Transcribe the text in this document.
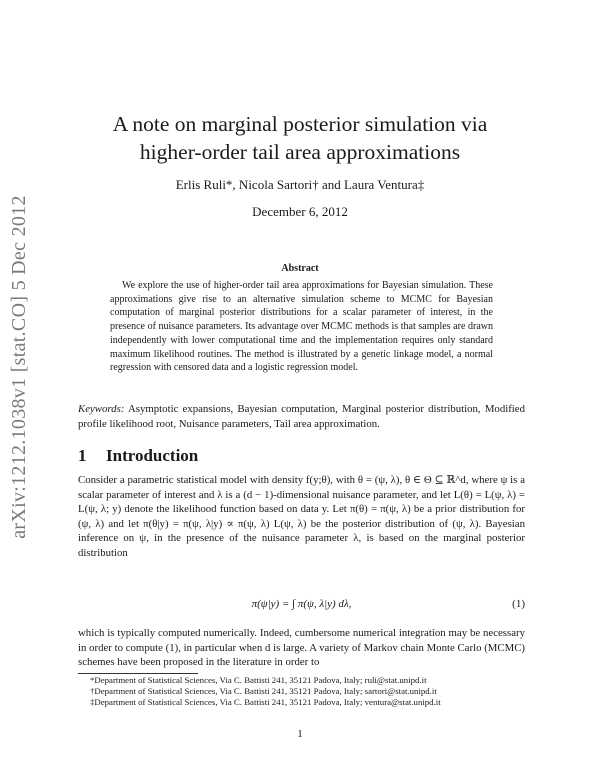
arXiv:1212.1038v1 [stat.CO] 5 Dec 2012
A note on marginal posterior simulation via
higher-order tail area approximations
Erlis Ruli*, Nicola Sartori† and Laura Ventura‡
December 6, 2012
Abstract

We explore the use of higher-order tail area approximations for Bayesian simulation. These approximations give rise to an alternative simulation scheme to MCMC for Bayesian computation of marginal posterior distributions for a scalar parameter of interest, in the presence of nuisance parameters. Its advantage over MCMC methods is that samples are drawn independently with lower computational time and the implementation requires only standard maximum likelihood routines. The method is illustrated by a genetic linkage model, a normal regression with censored data and a logistic regression model.

Keywords: Asymptotic expansions, Bayesian computation, Marginal posterior distribution, Modified profile likelihood root, Nuisance parameters, Tail area approximation.
1 Introduction
Consider a parametric statistical model with density f(y;θ), with θ = (ψ, λ), θ ∈ Θ ⊆ ℝ^d, where ψ is a scalar parameter of interest and λ is a (d − 1)-dimensional nuisance parameter, and let L(θ) = L(ψ, λ) = L(ψ, λ; y) denote the likelihood function based on data y. Let π(θ) = π(ψ, λ) be a prior distribution for (ψ, λ) and let π(θ|y) = π(ψ, λ|y) ∝ π(ψ, λ) L(ψ, λ) be the posterior distribution of (ψ, λ). Bayesian inference on ψ, in the presence of the nuisance parameter λ, is based on the marginal posterior distribution
π(ψ|y) = ∫ π(ψ, λ|y) dλ,	(1)
which is typically computed numerically. Indeed, cumbersome numerical integration may be necessary in order to compute (1), in particular when d is large. A variety of Markov chain Monte Carlo (MCMC) schemes have been proposed in the literature in order to
*Department of Statistical Sciences, Via C. Battisti 241, 35121 Padova, Italy; ruli@stat.unipd.it
†Department of Statistical Sciences, Via C. Battisti 241, 35121 Padova, Italy; sartori@stat.unipd.it
‡Department of Statistical Sciences, Via C. Battisti 241, 35121 Padova, Italy; ventura@stat.unipd.it
1
